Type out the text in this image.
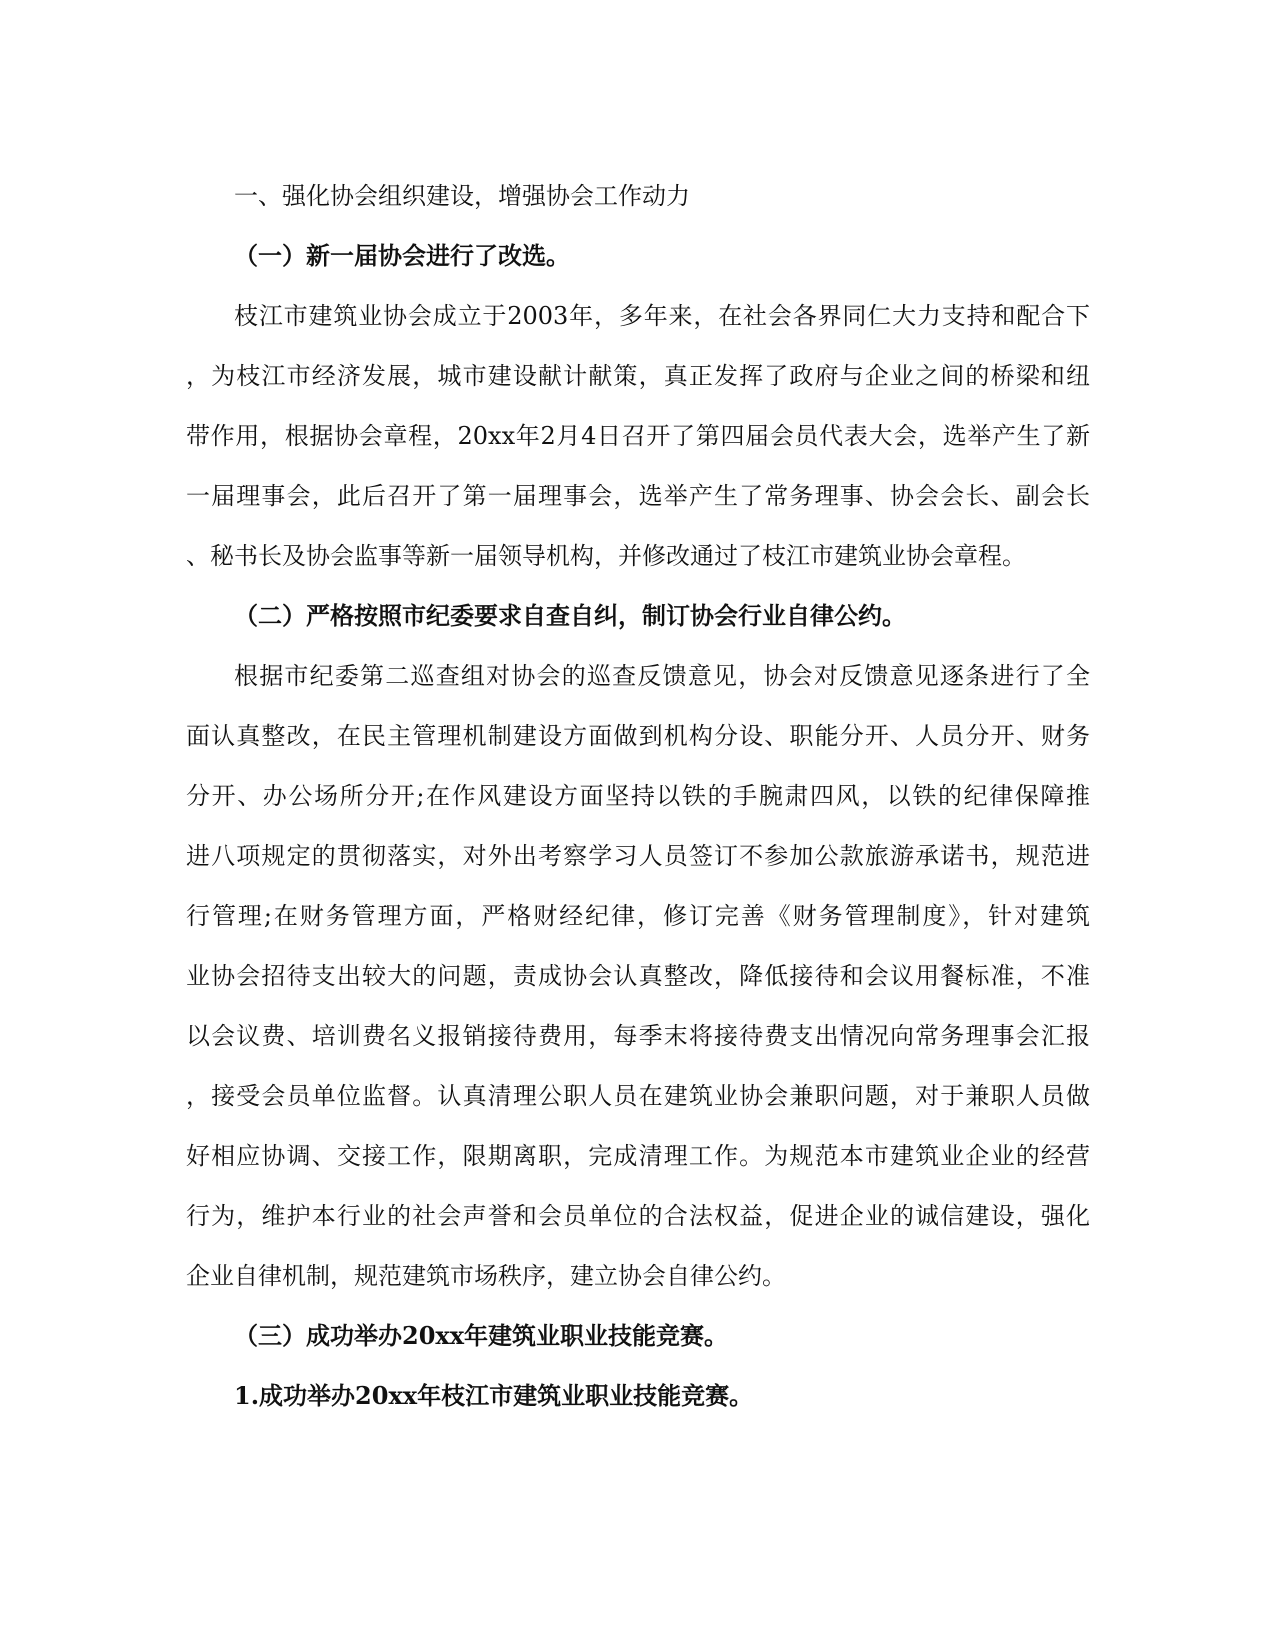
一、强化协会组织建设，增强协会工作动力
（一）新一届协会进行了改选。
枝江市建筑业协会成立于2003年，多年来，在社会各界同仁大力支持和配合下
，为枝江市经济发展，城市建设献计献策，真正发挥了政府与企业之间的桥梁和纽
带作用，根据协会章程，20xx年2月4日召开了第四届会员代表大会，选举产生了新
一届理事会，此后召开了第一届理事会，选举产生了常务理事、协会会长、副会长
、秘书长及协会监事等新一届领导机构，并修改通过了枝江市建筑业协会章程。
（二）严格按照市纪委要求自查自纠，制订协会行业自律公约。
根据市纪委第二巡查组对协会的巡查反馈意见，协会对反馈意见逐条进行了全
面认真整改，在民主管理机制建设方面做到机构分设、职能分开、人员分开、财务
分开、办公场所分开;在作风建设方面坚持以铁的手腕肃四风，以铁的纪律保障推
进八项规定的贯彻落实，对外出考察学习人员签订不参加公款旅游承诺书，规范进
行管理;在财务管理方面，严格财经纪律，修订完善《财务管理制度》，针对建筑
业协会招待支出较大的问题，责成协会认真整改，降低接待和会议用餐标准，不准
以会议费、培训费名义报销接待费用，每季末将接待费支出情况向常务理事会汇报
，接受会员单位监督。认真清理公职人员在建筑业协会兼职问题，对于兼职人员做
好相应协调、交接工作，限期离职，完成清理工作。为规范本市建筑业企业的经营
行为，维护本行业的社会声誉和会员单位的合法权益，促进企业的诚信建设，强化
企业自律机制，规范建筑市场秩序，建立协会自律公约。
（三）成功举办20xx年建筑业职业技能竞赛。
1.成功举办20xx年枝江市建筑业职业技能竞赛。
